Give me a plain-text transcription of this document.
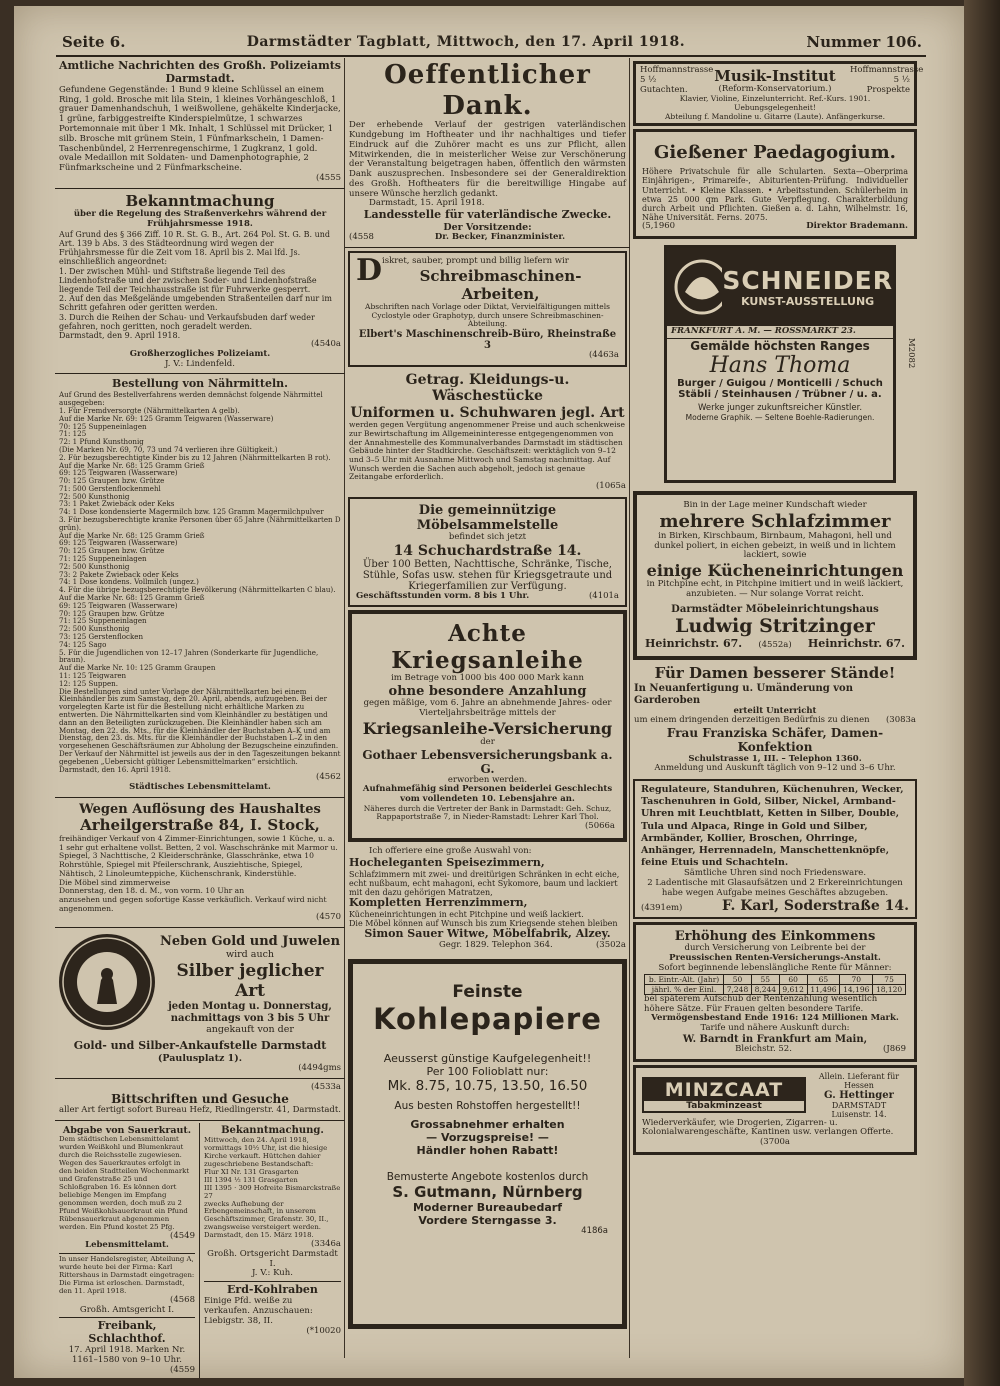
Seite 6.	Darmstädter Tagblatt, Mittwoch, den 17. April 1918.	Nummer 106.
Amtliche Nachrichten des Großh. Polizeiamts Darmstadt.
Gefundene Gegenstände: 1 Bund 9 kleine Schlüssel an einem Ring, 1 gold. Brosche mit lila Stein, 1 kleines Vorhängeschloß, 1 grauer Damenhandschuh, 1 weißwollene, gehäkelte Kinderjacke, 1 grüne, farbiggestreifte Kinderspielmütze, 1 schwarzes Portemonnaie mit über 1 Mk. Inhalt, 1 Schlüssel mit Drücker, 1 silb. Brosche mit grünem Stein, 1 Fünfmarkschein, 1 Damen-Taschenbündel, 2 Herrenregenschirme, 1 Zugkranz, 1 gold. ovale Medaillon mit Soldaten- und Damenphotographie, 2 Fünfmarkscheine und 2 Fünfmarkscheine.
(4555
Bekanntmachung
über die Regelung des Straßenverkehrs während der Frühjahrsmesse 1918.
Auf Grund des § 366 Ziff. 10 R. St. G. B., Art. 264 Pol. St. G. B. und Art. 139 b Abs. 3 des Städteordnung wird wegen der Frühjahrsmesse für die Zeit vom 18. April bis 2. Mai lfd. Js. einschließlich angeordnet:
1. Der zwischen Mühl- und Stiftstraße liegende Teil des Lindenhofstraße und der zwischen Soder- und Lindenhofstraße liegende Teil der Teichhausstraße ist für Fuhrwerke gesperrt.
2. Auf den das Meßgelände umgebenden Straßenteilen darf nur im Schritt gefahren oder geritten werden.
3. Durch die Reihen der Schau- und Verkaufsbuden darf weder gefahren, noch geritten, noch geradelt werden.
Darmstadt, den 9. April 1918.
(4540a
Großherzogliches Polizeiamt.
J. V.: Lindenfeld.
Bestellung von Nährmitteln.
Auf Grund des Bestellverfahrens werden demnächst folgende Nährmittel ausgegeben:
1. Für Fremdversorgte (Nährmittelkarten A gelb).
Auf die Marke Nr. 69: 125 Gramm Teigwaren (Wasserware)
70: 125 Suppeneinlagen
71: 125
72: 1 Pfund Kunsthonig
(Die Marken Nr. 69, 70, 73 und 74 verlieren ihre Gültigkeit.)
2. Für bezugsberechtigte Kinder bis zu 12 Jahren (Nährmittelkarten B rot).
Auf die Marke Nr. 68: 125 Gramm Grieß
69: 125 Teigwaren (Wasserware)
70: 125 Graupen bzw. Grütze
71: 500 Gerstenflockenmehl
72: 500 Kunsthonig
73: 1 Paket Zwieback oder Keks
74: 1 Dose kondensierte Magermilch bzw. 125 Gramm Magermilchpulver
3. Für bezugsberechtigte kranke Personen über 65 Jahre (Nährmittelkarten D grün).
Auf die Marke Nr. 68: 125 Gramm Grieß
69: 125 Teigwaren (Wasserware)
70: 125 Graupen bzw. Grütze
71: 125 Suppeneinlagen
72: 500 Kunsthonig
73: 2 Pakete Zwieback oder Keks
74: 1 Dose kondens. Vollmilch (ungez.)
4. Für die übrige bezugsberechtigte Bevölkerung (Nährmittelkarten C blau).
Auf die Marke Nr. 68: 125 Gramm Grieß
69: 125 Teigwaren (Wasserware)
70: 125 Graupen bzw. Grütze
71: 125 Suppeneinlagen
72: 500 Kunsthonig
73: 125 Gerstenflocken
74: 125 Sago
5. Für die Jugendlichen von 12–17 Jahren (Sonderkarte für Jugendliche, braun).
Auf die Marke Nr. 10: 125 Gramm Graupen
11: 125 Teigwaren
12: 125 Suppen.
Die Bestellungen sind unter Vorlage der Nährmittelkarten bei einem Kleinhändler bis zum Samstag, den 20. April, abends, aufzugeben. Bei der vorgelegten Karte ist für die Bestellung nicht erhältliche Marken zu entwerten. Die Nährmittelkarten sind vom Kleinhändler zu bestätigen und dann an den Beteiligten zurückzugeben. Die Kleinhändler haben sich am Montag, den 22. ds. Mts., für die Kleinhändler der Buchstaben A–K und am Dienstag, den 23. ds. Mts. für die Kleinhändler der Buchstaben L–Z in den vorgesehenen Geschäftsräumen zur Abholung der Bezugscheine einzufinden.
Der Verkauf der Nährmittel ist jeweils aus der in den Tageszeitungen bekannt gegebenen „Uebersicht gültiger Lebensmittelmarken“ ersichtlich.
Darmstadt, den 16. April 1918.
(4562
Städtisches Lebensmittelamt.
Wegen Auflösung des Haushaltes
Arheilgerstraße 84, I. Stock,
freihändiger Verkauf von 4 Zimmer-Einrichtungen, sowie 1 Küche, u. a. 1 sehr gut erhaltene vollst. Betten, 2 vol. Waschschränke mit Marmor u. Spiegel, 3 Nachttische, 2 Kleiderschränke, Glasschränke, etwa 10 Rohrstühle, Spiegel mit Pfeilerschrank, Ausziehtische, Spiegel, Nähtisch, 2 Linoleumteppiche, Küchenschrank, Kinderstühle.
Die Möbel sind zimmerweise
Donnerstag, den 18. d. M., von vorm. 10 Uhr an
anzusehen und gegen sofortige Kasse verkäuflich. Verkauf wird nicht angenommen.
(4570
Neben Gold und Juwelen
wird auch
Silber jeglicher Art
jeden Montag u. Donnerstag,
nachmittags von 3 bis 5 Uhr
angekauft von der
Gold- und Silber-Ankaufstelle Darmstadt
(Paulusplatz 1).
(4494gms
(4533a
Bittschriften und Gesuche
aller Art fertigt sofort Bureau Hefz, Riedlingerstr. 41, Darmstadt.
Abgabe von Sauerkraut.
Dem städtischen Lebensmittelamt wurden Weißkohl und Blumenkraut durch die Reichsstelle zugewiesen. Wegen des Sauerkrautes erfolgt in den beiden Stadtteilen Wochenmarkt und Grafenstraße 25 und Schloßgraben 16. Es können dort beliebige Mengen im Empfang genommen werden, doch muß zu 2 Pfund Weißkohlsauerkraut ein Pfund Rübensauerkraut abgenommen werden. Ein Pfund kostet 25 Pfg.
(4549
Lebensmittelamt.
In unser Handelsregister, Abteilung A, wurde heute bei der Firma: Karl Rittershaus in Darmstadt eingetragen: Die Firma ist erloschen. Darmstadt, den 11. April 1918.
(4568
Großh. Amtsgericht I.
Freibank, Schlachthof.
17. April 1918. Marken Nr. 1161–1580 von 9–10 Uhr.
(4559
Bekanntmachung.
Mittwoch, den 24. April 1918, vormittags 10½ Uhr, ist die hiesige Kirche verkauft. Hüttchen dahier zugeschriebene Bestandschaft:
Flur XI Nr. 131 Grasgarten
III 1394 ½ 131 Grasgarten
III 1395 · 309 Hofreite Bismarckstraße 27
zwecks Aufhebung der Erbengemeinschaft, in unserem Geschäftszimmer, Grafenstr. 30, II., zwangsweise versteigert werden. Darmstadt, den 15. März 1918.
(3346a
Großh. Ortsgericht Darmstadt I.
J. V.: Kuh.
Erd-Kohlraben
Einige Pfd. weiße zu verkaufen. Anzuschauen: Liebigstr. 38, II.
(*10020
Oeffentlicher Dank.
Der erhebende Verlauf der gestrigen vaterländischen Kundgebung im Hoftheater und ihr nachhaltiges und tiefer Eindruck auf die Zuhörer macht es uns zur Pflicht, allen Mitwirkenden, die in meisterlicher Weise zur Verschönerung der Veranstaltung beigetragen haben, öffentlich den wärmsten Dank auszusprechen. Insbesondere sei der Generaldirektion des Großh. Hoftheaters für die bereitwillige Hingabe auf unsere Wünsche herzlich gedankt.
Darmstadt, 15. April 1918.
Landesstelle für vaterländische Zwecke.
Der Vorsitzende:
(4558	Dr. Becker, Finanzminister.
D iskret, sauber, prompt und billig liefern wir
Schreibmaschinen-Arbeiten,
Abschriften nach Vorlage oder Diktat, Vervielfältigungen mittels Cyclostyle oder Graphotyp, durch unsere Schreibmaschinen-Abteilung.
Elbert's Maschinenschreib-Büro, Rheinstraße 3
(4463a
Getrag. Kleidungs-u. Wäschestücke
Uniformen u. Schuhwaren jegl. Art
werden gegen Vergütung angenommener Preise und auch schenkweise zur Bewirtschaftung im Allgemeininteresse entgegengenommen von der Annahmestelle des Kommunalverbandes Darmstadt im städtischen Gebäude hinter der Stadtkirche. Geschäftszeit: werktäglich von 9–12 und 3–5 Uhr mit Ausnahme Mittwoch und Samstag nachmittag. Auf Wunsch werden die Sachen auch abgeholt, jedoch ist genaue Zeitangabe erforderlich.
(1065a
Die gemeinnützige Möbelsammelstelle
befindet sich jetzt
14 Schuchardstraße 14.
Über 100 Betten, Nachttische, Schränke, Tische, Stühle, Sofas usw. stehen für Kriegsgetraute und Kriegerfamilien zur Verfügung.
Geschäftsstunden vorm. 8 bis 1 Uhr.	(4101a
Achte Kriegsanleihe
im Betrage von 1000 bis 400 000 Mark kann
ohne besondere Anzahlung
gegen mäßige, vom 6. Jahre an abnehmende Jahres- oder Vierteljahrsbeiträge mittels der
Kriegsanleihe-Versicherung
der
Gothaer Lebensversicherungsbank a. G.
erworben werden.
Aufnahmefähig sind Personen beiderlei Geschlechts vom vollendeten 10. Lebensjahre an.
Näheres durch die Vertreter der Bank in Darmstadt: Geh. Schuz, Rappaportstraße 7, in Nieder-Ramstadt: Lehrer Karl Thol.
(5066a
Ich offeriere eine große Auswahl von:
Hocheleganten Speisezimmern,
Schlafzimmern mit zwei- und dreitürigen Schränken in echt eiche, echt nußbaum, echt mahagoni, echt Sykomore, baum und lackiert mit den dazu gehörigen Matratzen,
Kompletten Herrenzimmern,
Kücheneinrichtungen in echt Pitchpine und weiß lackiert.
Die Möbel können auf Wunsch bis zum Kriegsende stehen bleiben
Simon Sauer Witwe, Möbelfabrik, Alzey.
Gegr. 1829. Telephon 364.	(3502a
Feinste
Kohlepapiere
Aeusserst günstige Kaufgelegenheit!!
Per 100 Folioblatt nur:
Mk. 8.75, 10.75, 13.50, 16.50
Aus besten Rohstoffen hergestellt!!
Grossabnehmer erhalten
— Vorzugspreise! —
Händler hohen Rabatt!
Bemusterte Angebote kostenlos durch
S. Gutmann, Nürnberg
Moderner Bureaubedarf
Vordere Sterngasse 3.
4186a
Hoffmannstrasse 5 ½
Gutachten.
Musik-Institut
(Reform-Konservatorium.)
Hoffmannstrasse 5 ½
Prospekte
Klavier, Violine, Einzelunterricht. Ref.-Kurs. 1901. Uebungsgelegenheit!
Abteilung f. Mandoline u. Gitarre (Laute). Anfängerkurse.
Gießener Paedagogium.
Höhere Privatschule für alle Schularten. Sexta—Oberprima Einjährigen-, Primareife-, Abiturienten-Prüfung. Individueller Unterricht. • Kleine Klassen. • Arbeitsstunden. Schülerheim in etwa 25 000 qm Park. Gute Verpflegung. Charakterbildung durch Arbeit und Pflichten. Gießen a. d. Lahn, Wilhelmstr. 16, Nähe Universität. Ferns. 2075.
(5,1960	Direktor Brademann.
SCHNEIDER
KUNST-AUSSTELLUNG
FRANKFURT A. M. — ROSSMARKT 23.
Gemälde höchsten Ranges
Hans Thoma
Burger / Guigou / Monticelli / Schuch
Stäbli / Steinhausen / Trübner / u. a.
Werke junger zukunftsreicher Künstler.
Moderne Graphik. — Seltene Boehle-Radierungen.
M2082
Bin in der Lage meiner Kundschaft wieder
mehrere Schlafzimmer
in Birken, Kirschbaum, Birnbaum, Mahagoni, hell und dunkel poliert, in eichen gebeizt, in weiß und in lichtem lackiert, sowie
einige Kücheneinrichtungen
in Pitchpine echt, in Pitchpine imitiert und in weiß lackiert, anzubieten. — Nur solange Vorrat reicht.
Darmstädter Möbeleinrichtungshaus
Ludwig Stritzinger
Heinrichstr. 67. (4552a) Heinrichstr. 67.
Für Damen besserer Stände!
In Neuanfertigung u. Umänderung von Garderoben
erteilt Unterricht
um einem dringenden derzeitigen Bedürfnis zu dienen (3083a
Frau Franziska Schäfer, Damen-Konfektion
Schulstrasse 1, III. – Telephon 1360.
Anmeldung und Auskunft täglich von 9–12 und 3–6 Uhr.
Regulateure, Standuhren, Küchenuhren, Wecker, Taschenuhren in Gold, Silber, Nickel, Armband-Uhren mit Leuchtblatt, Ketten in Silber, Double, Tula und Alpaca, Ringe in Gold und Silber, Armbänder, Kollier, Broschen, Ohrringe, Anhänger, Herrennadeln, Manschettenknöpfe, feine Etuis und Schachteln.
Sämtliche Uhren sind noch Friedensware.
2 Ladentische mit Glasaufsätzen und 2 Erkereinrichtungen habe wegen Aufgabe meines Geschäftes abzugeben.
(4391em)	F. Karl, Soderstraße 14.
Erhöhung des Einkommens
durch Versicherung von Leibrente bei der
Preussischen Renten-Versicherungs-Anstalt.
Sofort beginnende lebenslängliche Rente für Männer:
b. Eintr.-Alt. (Jahr)	50	55	60	65	70	75
jährl. % der Einl.	7,248	8,244	9,612	11,496	14,196	18,120
bei späterem Aufschub der Rentenzahlung wesentlich höhere Sätze. Für Frauen gelten besondere Tarife.
Vermögensbestand Ende 1916: 124 Millionen Mark.
Tarife und nähere Auskunft durch:
W. Barndt in Frankfurt am Main,
Bleichstr. 52.	(J869
MINZCAAT
Tabakminzeast
Allein. Lieferant für Hessen
G. Hettinger
DARMSTADT
Luisenstr. 14.
Wiederverkäufer, wie Drogerien, Zigarren- u. Kolonialwarengeschäfte, Kantinen usw. verlangen Offerte.
(3700a
